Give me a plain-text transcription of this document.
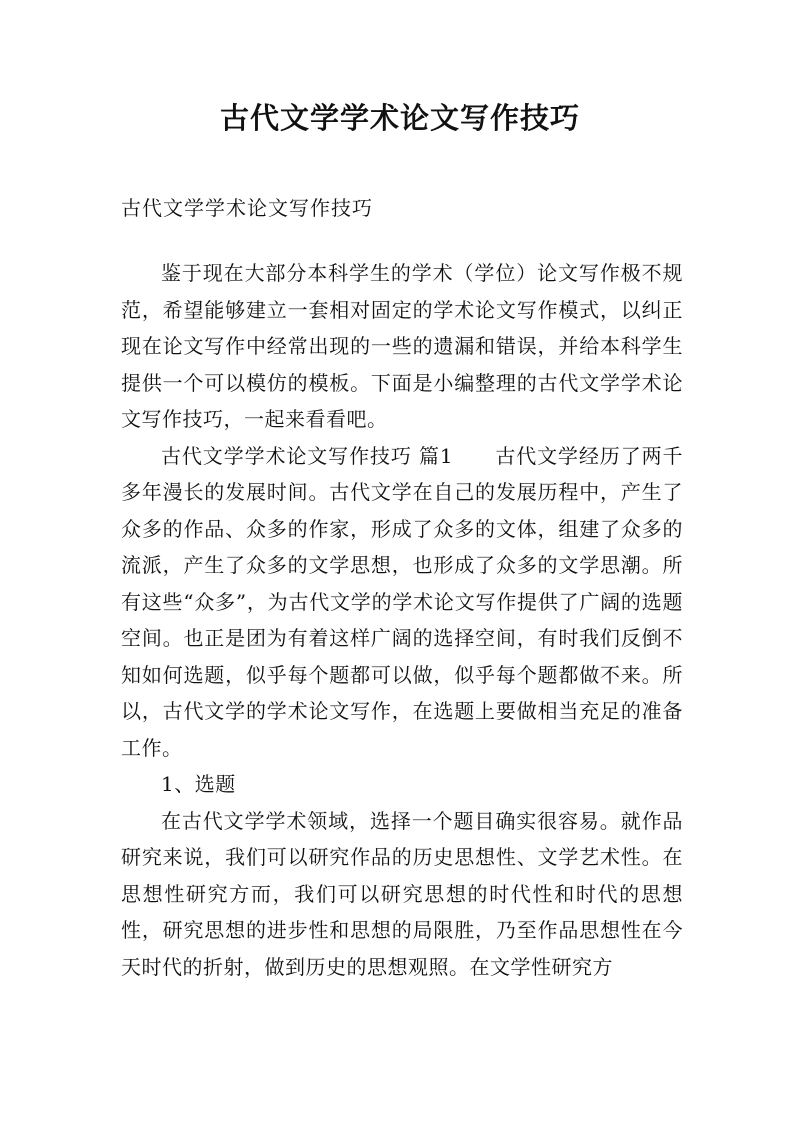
古代文学学术论文写作技巧
古代文学学术论文写作技巧

鉴于现在大部分本科学生的学术（学位）论文写作极不规范，希望能够建立一套相对固定的学术论文写作模式，以纠正现在论文写作中经常出现的一些的遗漏和错误，并给本科学生提供一个可以模仿的模板。下面是小编整理的古代文学学术论文写作技巧，一起来看看吧。

古代文学学术论文写作技巧 篇1　　古代文学经历了两千多年漫长的发展时间。古代文学在自己的发展历程中，产生了众多的作品、众多的作家，形成了众多的文体，组建了众多的流派，产生了众多的文学思想，也形成了众多的文学思潮。所有这些“众多”，为古代文学的学术论文写作提供了广阔的选题空间。也正是团为有着这样广阔的选择空间，有时我们反倒不知如何选题，似乎每个题都可以做，似乎每个题都做不来。所以，古代文学的学术论文写作，在选题上要做相当充足的准备工作。

1、选题

在古代文学学术领域，选择一个题目确实很容易。就作品研究来说，我们可以研究作品的历史思想性、文学艺术性。在思想性研究方而，我们可以研究思想的时代性和时代的思想性，研究思想的进步性和思想的局限胜，乃至作品思想性在今天时代的折射，做到历史的思想观照。在文学性研究方
